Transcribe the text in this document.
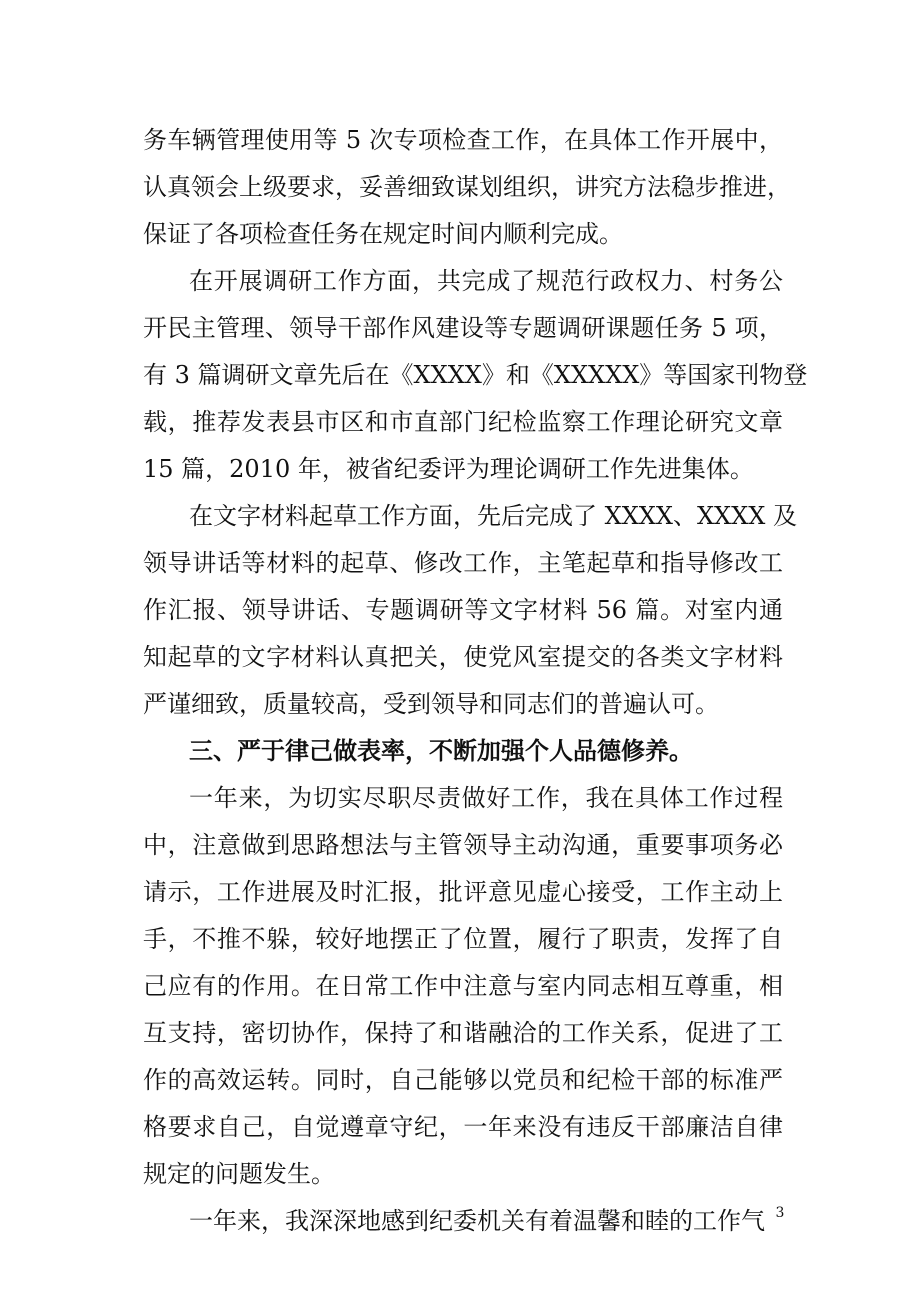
务车辆管理使用等 5 次专项检查工作，在具体工作开展中，
认真领会上级要求，妥善细致谋划组织，讲究方法稳步推进，
保证了各项检查任务在规定时间内顺利完成。
在开展调研工作方面，共完成了规范行政权力、村务公
开民主管理、领导干部作风建设等专题调研课题任务 5 项，
有 3 篇调研文章先后在《XXXX》和《XXXXX》等国家刊物登
载，推荐发表县市区和市直部门纪检监察工作理论研究文章
15 篇，2010 年，被省纪委评为理论调研工作先进集体。
在文字材料起草工作方面，先后完成了 XXXX、XXXX 及
领导讲话等材料的起草、修改工作，主笔起草和指导修改工
作汇报、领导讲话、专题调研等文字材料 56 篇。对室内通
知起草的文字材料认真把关，使党风室提交的各类文字材料
严谨细致，质量较高，受到领导和同志们的普遍认可。
三、严于律己做表率，不断加强个人品德修养。
一年来，为切实尽职尽责做好工作，我在具体工作过程
中，注意做到思路想法与主管领导主动沟通，重要事项务必
请示，工作进展及时汇报，批评意见虚心接受，工作主动上
手，不推不躲，较好地摆正了位置，履行了职责，发挥了自
己应有的作用。在日常工作中注意与室内同志相互尊重，相
互支持，密切协作，保持了和谐融洽的工作关系，促进了工
作的高效运转。同时，自己能够以党员和纪检干部的标准严
格要求自己，自觉遵章守纪，一年来没有违反干部廉洁自律
规定的问题发生。
一年来，我深深地感到纪委机关有着温馨和睦的工作气 3
